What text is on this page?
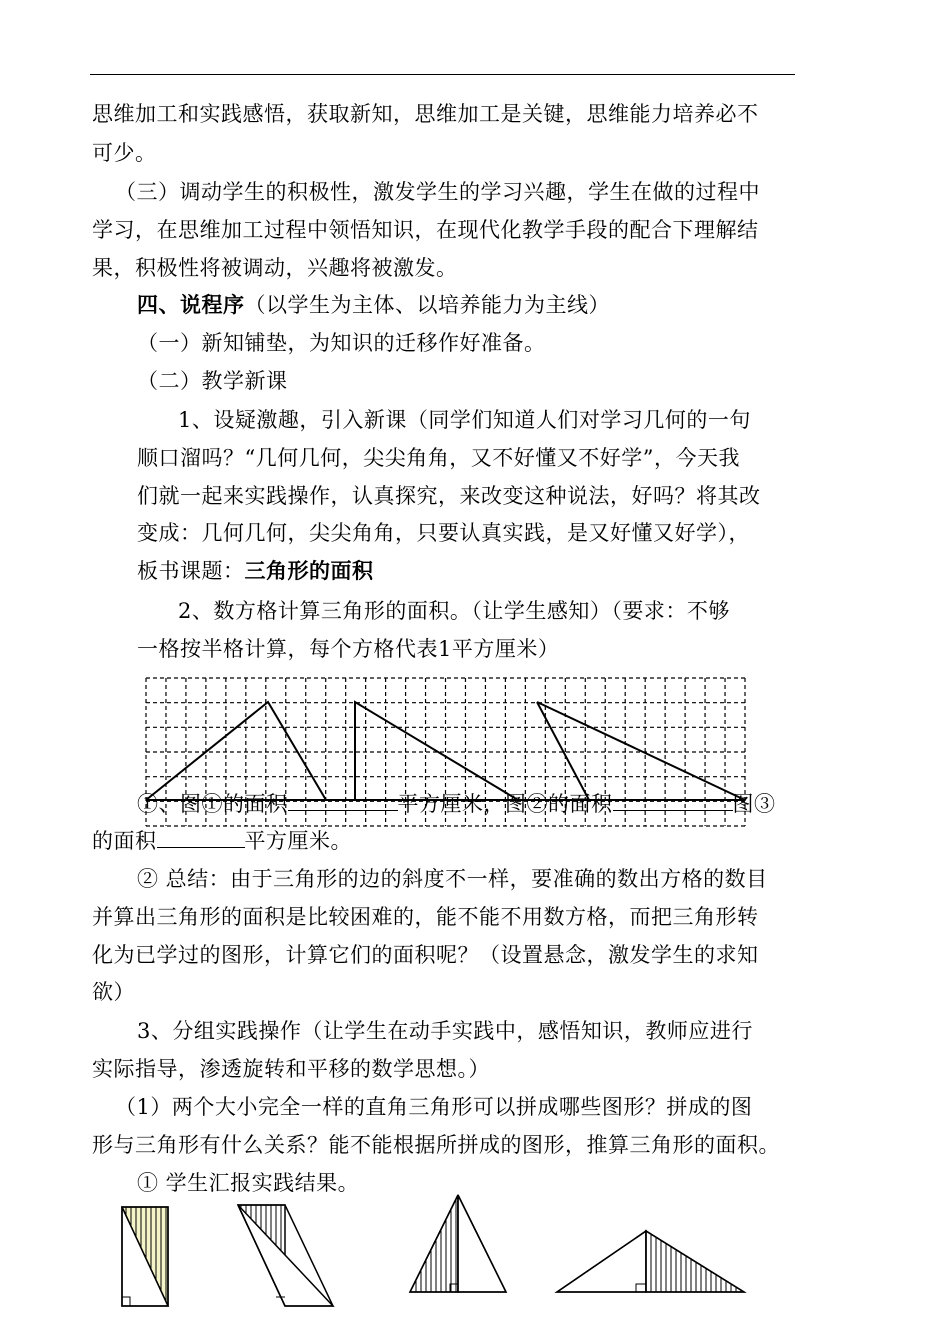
思维加工和实践感悟，获取新知，思维加工是关键，思维能力培养必不
可少。
（三）调动学生的积极性，激发学生的学习兴趣，学生在做的过程中
学习，在思维加工过程中领悟知识，在现代化教学手段的配合下理解结
果，积极性将被调动，兴趣将被激发。
四、说程序（以学生为主体、以培养能力为主线）
（一）新知铺垫，为知识的迁移作好准备。
（二）教学新课
1、设疑激趣，引入新课（同学们知道人们对学习几何的一句
顺口溜吗？“几何几何，尖尖角角，又不好懂又不好学”，今天我
们就一起来实践操作，认真探究，来改变这种说法，好吗？将其改
变成：几何几何，尖尖角角，只要认真实践，是又好懂又好学），
板书课题：三角形的面积
2、数方格计算三角形的面积。（让学生感知）（要求：不够
一格按半格计算，每个方格代表1平方厘米）
①、图①的面积	平方厘米，图②的面积	图③
的面积	平方厘米。
② 总结：由于三角形的边的斜度不一样，要准确的数出方格的数目
并算出三角形的面积是比较困难的，能不能不用数方格，而把三角形转
化为已学过的图形，计算它们的面积呢？（设置悬念，激发学生的求知
欲）
3、分组实践操作（让学生在动手实践中，感悟知识，教师应进行
实际指导，渗透旋转和平移的数学思想。）
（1）两个大小完全一样的直角三角形可以拼成哪些图形？拼成的图
形与三角形有什么关系？能不能根据所拼成的图形，推算三角形的面积。
① 学生汇报实践结果。
